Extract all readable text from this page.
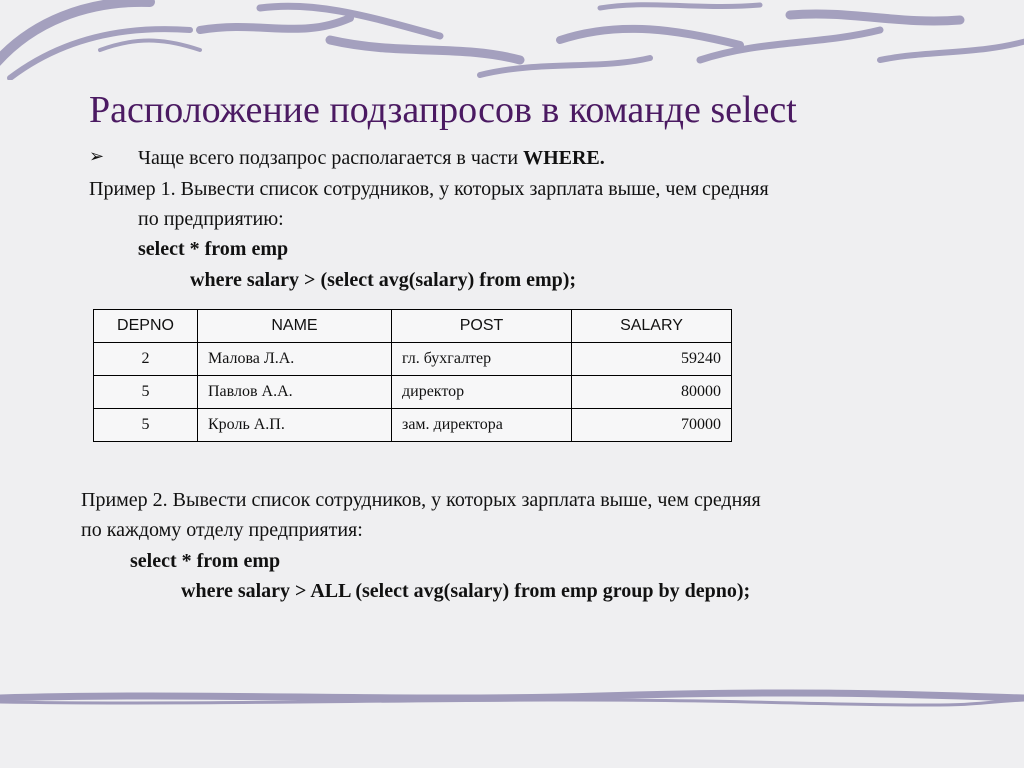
Расположение подзапросов в команде select
➢ Чаще всего подзапрос располагается в части WHERE.
Пример 1. Вывести список сотрудников, у которых зарплата выше, чем средняя
по предприятию:
select * from emp
where salary > (select avg(salary) from emp);
DEPNO	NAME	POST	SALARY
2	Малова Л.А.	гл. бухгалтер	59240
5	Павлов А.А.	директор	80000
5	Кроль А.П.	зам. директора	70000
Пример 2. Вывести список сотрудников, у которых зарплата выше, чем средняя
по каждому отделу предприятия:
select * from emp
where salary > ALL (select avg(salary) from emp group by depno);
